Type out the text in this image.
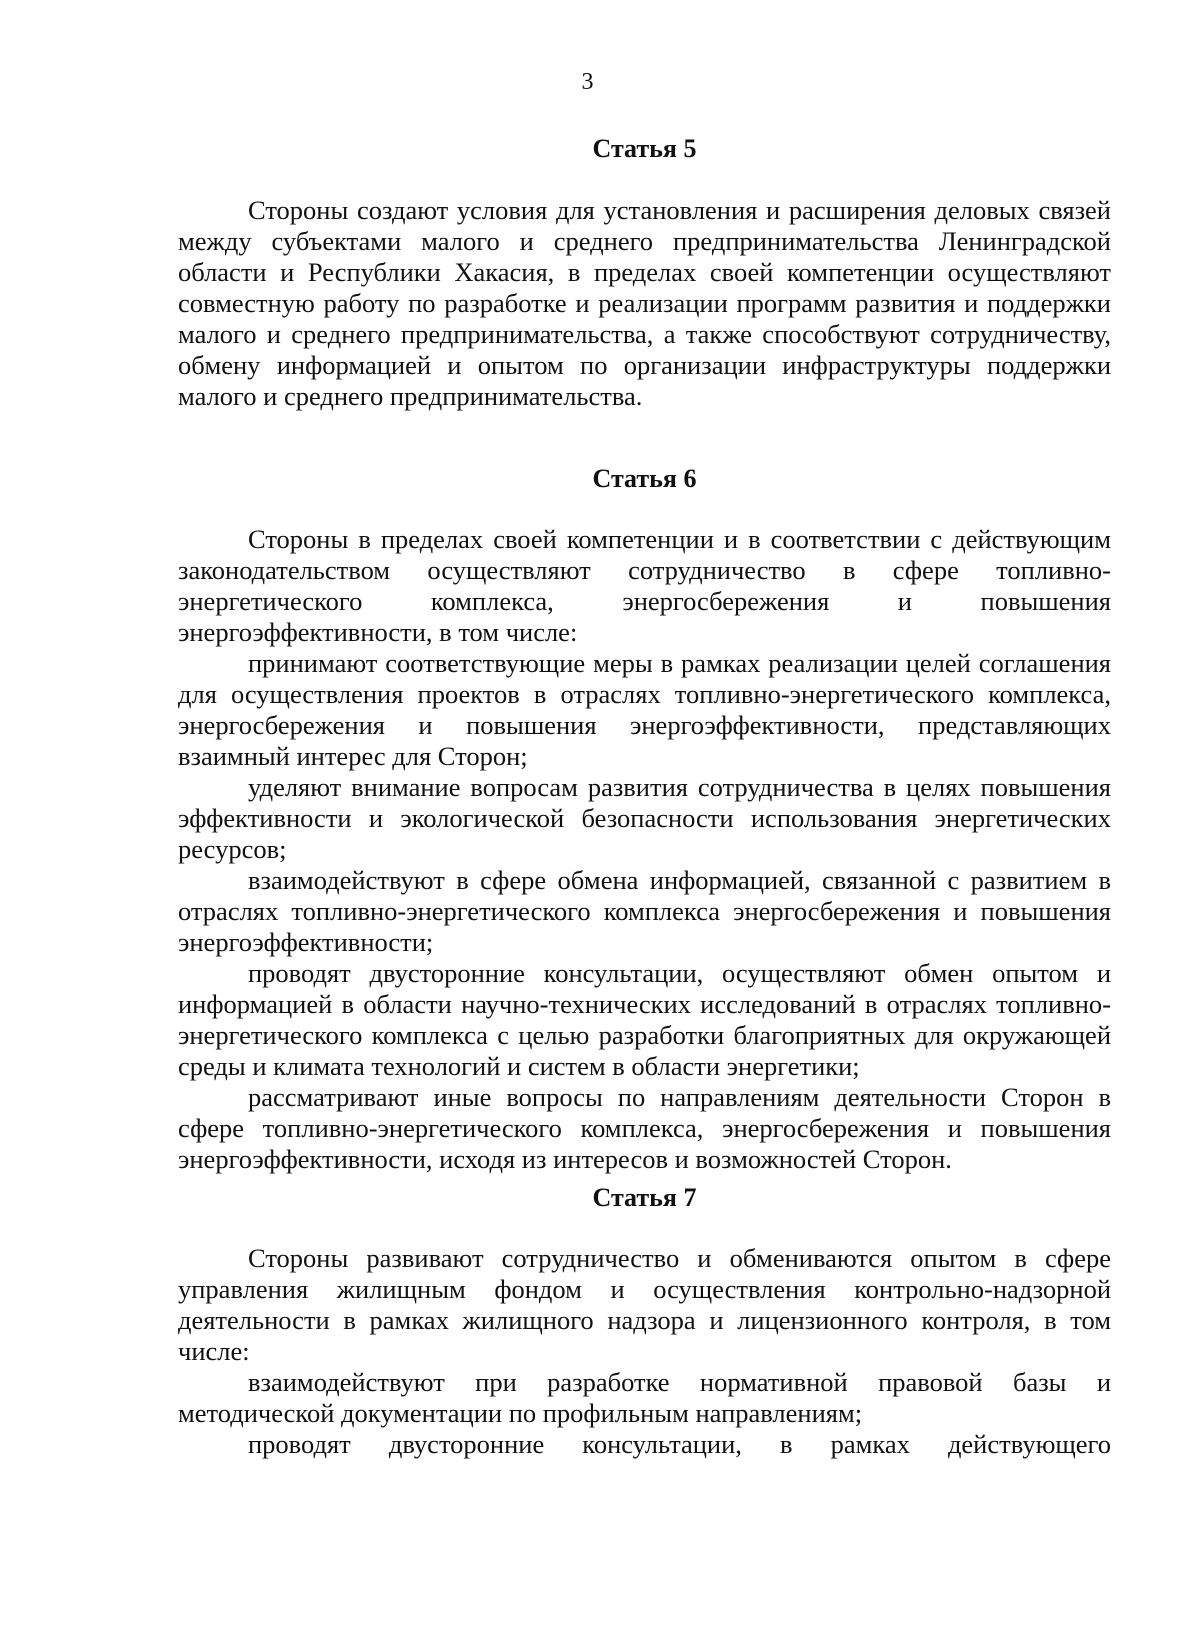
3
Статья 5

Стороны создают условия для установления и расширения деловых связей между субъектами малого и среднего предпринимательства Ленинградской области и Республики Хакасия, в пределах своей компетенции осуществляют совместную работу по разработке и реализации программ развития и поддержки малого и среднего предпринимательства, а также способствуют сотрудничеству, обмену информацией и опытом по организации инфраструктуры поддержки малого и среднего предпринимательства.

Статья 6

Стороны в пределах своей компетенции и в соответствии с действующим законодательством осуществляют сотрудничество в сфере топливно-энергетического комплекса, энергосбережения и повышения энергоэффективности, в том числе:

принимают соответствующие меры в рамках реализации целей соглашения для осуществления проектов в отраслях топливно-энергетического комплекса, энергосбережения и повышения энергоэффективности, представляющих взаимный интерес для Сторон;

уделяют внимание вопросам развития сотрудничества в целях повышения эффективности и экологической безопасности использования энергетических ресурсов;

взаимодействуют в сфере обмена информацией, связанной с развитием в отраслях топливно-энергетического комплекса энергосбережения и повышения энергоэффективности;

проводят двусторонние консультации, осуществляют обмен опытом и информацией в области научно-технических исследований в отраслях топливно-энергетического комплекса с целью разработки благоприятных для окружающей среды и климата технологий и систем в области энергетики;

рассматривают иные вопросы по направлениям деятельности Сторон в сфере топливно-энергетического комплекса, энергосбережения и повышения энергоэффективности, исходя из интересов и возможностей Сторон.

Статья 7

Стороны развивают сотрудничество и обмениваются опытом в сфере управления жилищным фондом и осуществления контрольно-надзорной деятельности в рамках жилищного надзора и лицензионного контроля, в том числе:

взаимодействуют при разработке нормативной правовой базы и методической документации по профильным направлениям;

проводят двусторонние консультации, в рамках действующего
